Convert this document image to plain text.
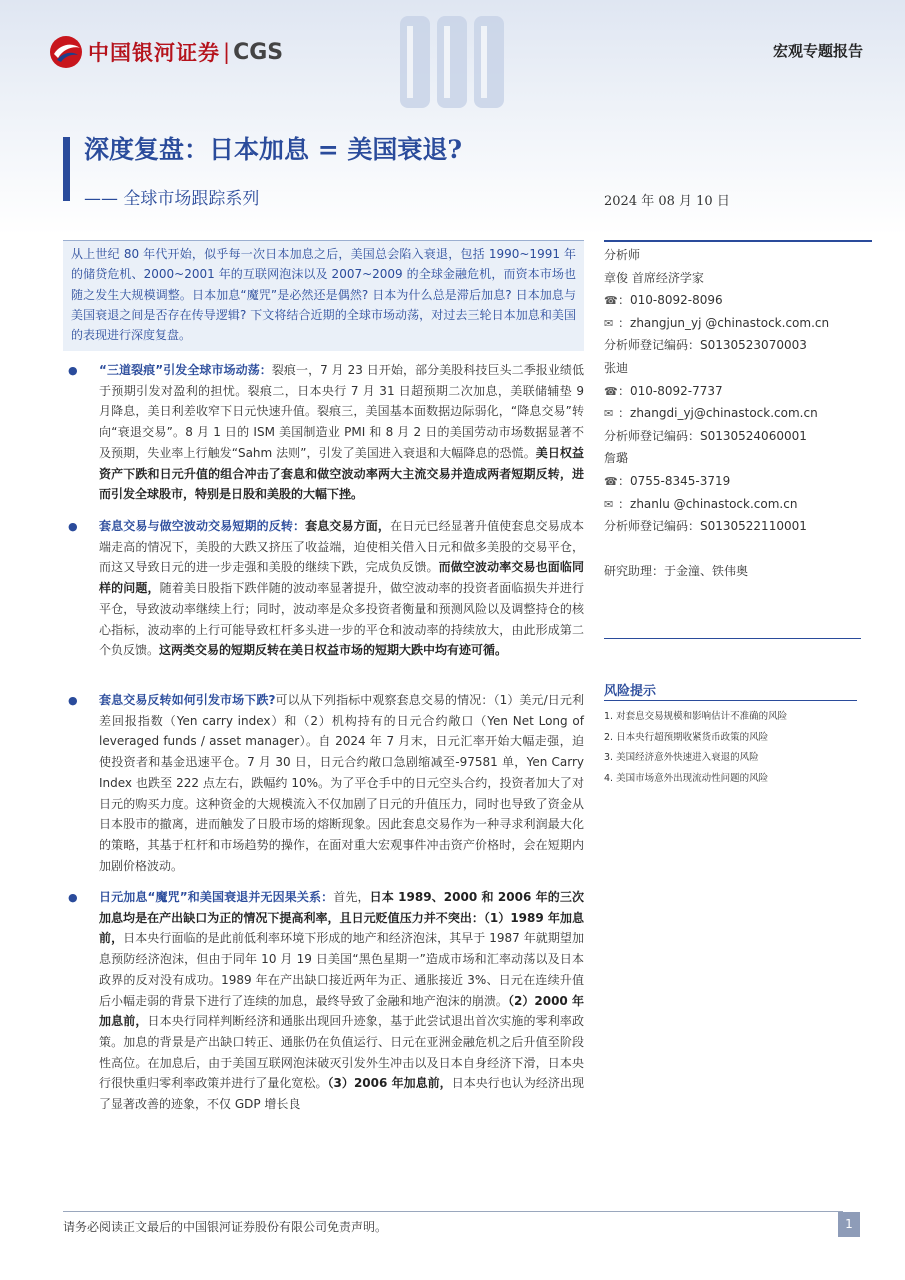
中国银河证券 | CGS	宏观专题报告
深度复盘：日本加息 = 美国衰退?
—— 全球市场跟踪系列	2024 年 08 月 10 日

从上世纪 80 年代开始，似乎每一次日本加息之后，美国总会陷入衰退，包括 1990~1991 年的储贷危机、2000~2001 年的互联网泡沫以及 2007~2009 的全球金融危机，而资本市场也随之发生大规模调整。日本加息“魔咒”是必然还是偶然? 日本为什么总是滞后加息? 日本加息与美国衰退之间是否存在传导逻辑? 下文将结合近期的全球市场动荡，对过去三轮日本加息和美国的表现进行深度复盘。

● “三道裂痕”引发全球市场动荡：裂痕一，7 月 23 日开始，部分美股科技巨头二季报业绩低于预期引发对盈利的担忧。裂痕二，日本央行 7 月 31 日超预期二次加息，美联储辅垫 9 月降息，美日利差收窄下日元快速升值。裂痕三，美国基本面数据边际弱化，“降息交易”转向“衰退交易”。8 月 1 日的 ISM 美国制造业 PMI 和 8 月 2 日的美国劳动市场数据显著不及预期，失业率上行触发“Sahm 法则”，引发了美国进入衰退和大幅降息的恐慌。美日权益资产下跌和日元升值的组合冲击了套息和做空波动率两大主流交易并造成两者短期反转，进而引发全球股市，特别是日股和美股的大幅下挫。

● 套息交易与做空波动交易短期的反转：套息交易方面，在日元已经显著升值使套息交易成本端走高的情况下，美股的大跌又挤压了收益端，迫使相关借入日元和做多美股的交易平仓，而这又导致日元的进一步走强和美股的继续下跌，完成负反馈。而做空波动率交易也面临同样的问题，随着美日股指下跌伴随的波动率显著提升，做空波动率的投资者面临损失并进行平仓，导致波动率继续上行；同时，波动率是众多投资者衡量和预测风险以及调整持仓的核心指标，波动率的上行可能导致杠杆多头进一步的平仓和波动率的持续放大，由此形成第二个负反馈。这两类交易的短期反转在美日权益市场的短期大跌中均有迹可循。

● 套息交易反转如何引发市场下跌?可以从下列指标中观察套息交易的情况：（1）美元/日元利差回报指数（Yen carry index）和（2）机构持有的日元合约敞口（Yen Net Long of leveraged funds / asset manager）。自 2024 年 7 月末，日元汇率开始大幅走强，迫使投资者和基金迅速平仓。7 月 30 日，日元合约敞口急剧缩减至-97581 单，Yen Carry Index 也跌至 222 点左右，跌幅约 10%。为了平仓手中的日元空头合约，投资者加大了对日元的购买力度。这种资金的大规模流入不仅加剧了日元的升值压力，同时也导致了资金从日本股市的撤离，进而触发了日股市场的熔断现象。因此套息交易作为一种寻求利润最大化的策略，其基于杠杆和市场趋势的操作，在面对重大宏观事件冲击资产价格时，会在短期内加剧价格波动。

● 日元加息“魔咒”和美国衰退并无因果关系：首先，日本 1989、2000 和 2006 年的三次加息均是在产出缺口为正的情况下提高利率，且日元贬值压力并不突出：（1）1989 年加息前，日本央行面临的是此前低利率环境下形成的地产和经济泡沫，其早于 1987 年就期望加息预防经济泡沫，但由于同年 10 月 19 日美国“黑色星期一”造成市场和汇率动荡以及日本政界的反对没有成功。1989 年在产出缺口接近两年为正、通胀接近 3%、日元在连续升值后小幅走弱的背景下进行了连续的加息，最终导致了金融和地产泡沫的崩溃。（2）2000 年加息前，日本央行同样判断经济和通胀出现回升迹象，基于此尝试退出首次实施的零利率政策。加息的背景是产出缺口转正、通胀仍在负值运行、日元在亚洲金融危机之后升值至阶段性高位。在加息后，由于美国互联网泡沫破灭引发外生冲击以及日本自身经济下滑，日本央行很快重归零利率政策并进行了量化宽松。（3）2006 年加息前，日本央行也认为经济出现了显著改善的迹象，不仅 GDP 增长良

分析师
章俊 首席经济学家
☎：010-8092-8096
✉ ：zhangjun_yj @chinastock.com.cn
分析师登记编码：S0130523070003
张迪
☎：010-8092-7737
✉ ：zhangdi_yj@chinastock.com.cn
分析师登记编码：S0130524060001
詹璐
☎：0755-8345-3719
✉ ：zhanlu @chinastock.com.cn
分析师登记编码：S0130522110001
研究助理：于金潼、铁伟奥
风险提示
1. 对套息交易规模和影响估计不准确的风险
2. 日本央行超预期收紧货币政策的风险
3. 美国经济意外快速进入衰退的风险
4. 美国市场意外出现流动性问题的风险
请务必阅读正文最后的中国银河证券股份有限公司免责声明。	1
